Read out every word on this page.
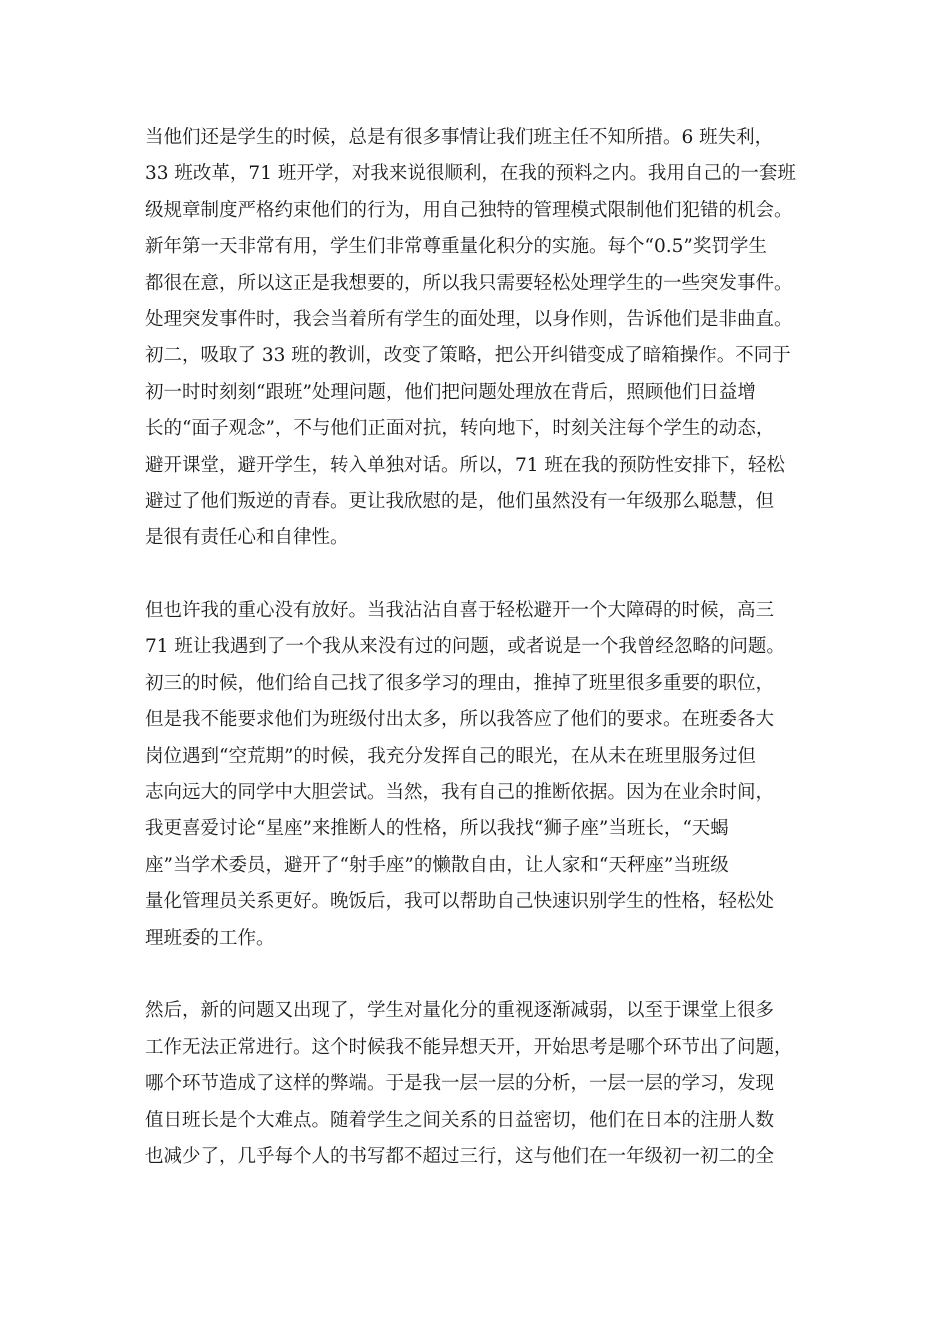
当他们还是学生的时候，总是有很多事情让我们班主任不知所措。6 班失利，
33 班改革，71 班开学，对我来说很顺利，在我的预料之内。我用自己的一套班
级规章制度严格约束他们的行为，用自己独特的管理模式限制他们犯错的机会。
新年第一天非常有用，学生们非常尊重量化积分的实施。每个“0.5”奖罚学生
都很在意，所以这正是我想要的，所以我只需要轻松处理学生的一些突发事件。
处理突发事件时，我会当着所有学生的面处理，以身作则，告诉他们是非曲直。
初二，吸取了 33 班的教训，改变了策略，把公开纠错变成了暗箱操作。不同于
初一时时刻刻“跟班”处理问题，他们把问题处理放在背后，照顾他们日益增
长的“面子观念”，不与他们正面对抗，转向地下，时刻关注每个学生的动态，
避开课堂，避开学生，转入单独对话。所以，71 班在我的预防性安排下，轻松
避过了他们叛逆的青春。更让我欣慰的是，他们虽然没有一年级那么聪慧，但
是很有责任心和自律性。
但也许我的重心没有放好。当我沾沾自喜于轻松避开一个大障碍的时候，高三
71 班让我遇到了一个我从来没有过的问题，或者说是一个我曾经忽略的问题。
初三的时候，他们给自己找了很多学习的理由，推掉了班里很多重要的职位，
但是我不能要求他们为班级付出太多，所以我答应了他们的要求。在班委各大
岗位遇到“空荒期”的时候，我充分发挥自己的眼光，在从未在班里服务过但
志向远大的同学中大胆尝试。当然，我有自己的推断依据。因为在业余时间，
我更喜爱讨论“星座”来推断人的性格，所以我找“狮子座”当班长，“天蝎
座”当学术委员，避开了“射手座”的懒散自由，让人家和“天秤座”当班级
量化管理员关系更好。晚饭后，我可以帮助自己快速识别学生的性格，轻松处
理班委的工作。
然后，新的问题又出现了，学生对量化分的重视逐渐减弱，以至于课堂上很多
工作无法正常进行。这个时候我不能异想天开，开始思考是哪个环节出了问题，
哪个环节造成了这样的弊端。于是我一层一层的分析，一层一层的学习，发现
值日班长是个大难点。随着学生之间关系的日益密切，他们在日本的注册人数
也减少了，几乎每个人的书写都不超过三行，这与他们在一年级初一初二的全
